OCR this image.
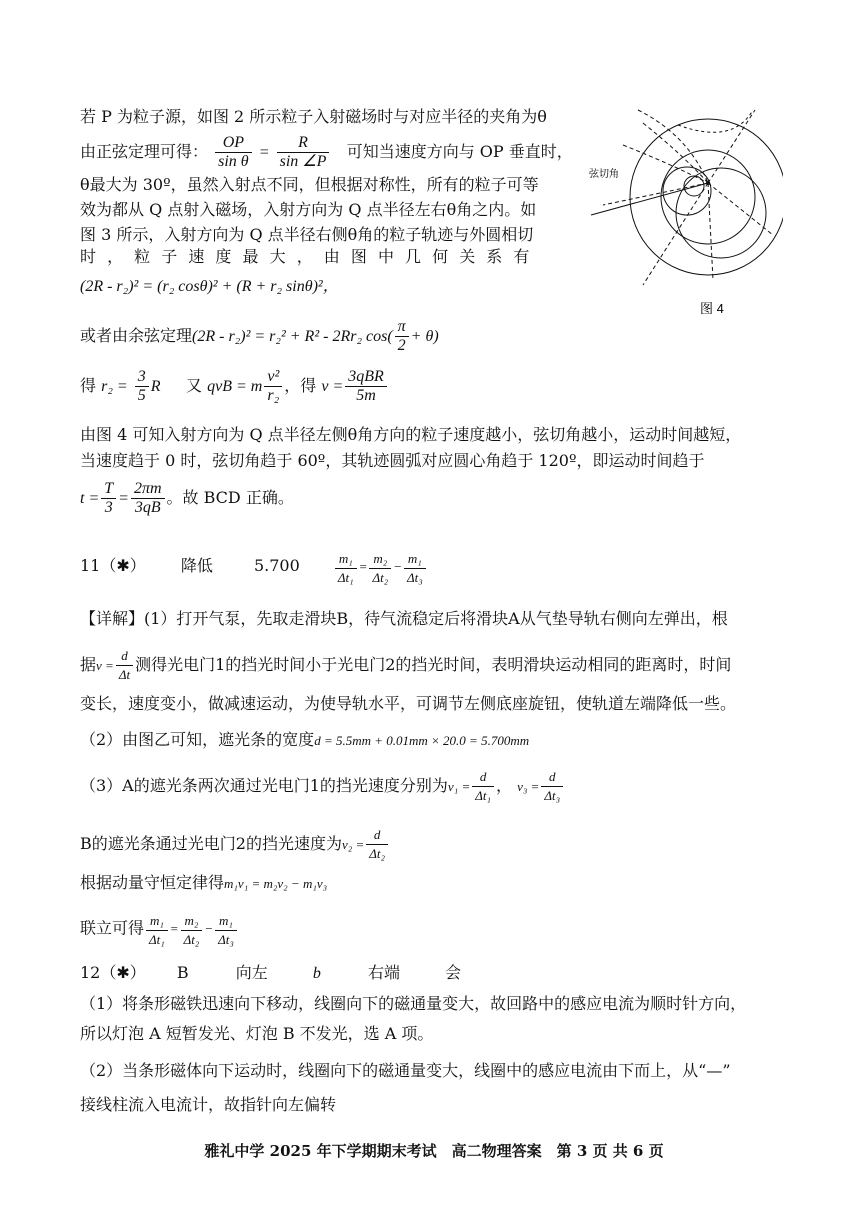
若 P 为粒子源，如图 2 所示粒子入射磁场时与对应半径的夹角为θ
由正弦定理可得： $\frac{OP}{\text{sin θ}} = \frac{R}{\sin \angle P}$ 可知当速度方向与 OP 垂直时，
θ最大为 30º，虽然入射点不同，但根据对称性，所有的粒子可等
效为都从 Q 点射入磁场，入射方向为 Q 点半径左右θ角之内。如
图 3 所示，入射方向为 Q 点半径右侧θ角的粒子轨迹与外圆相切
时 ， 粒 子 速 度 最 大 ， 由 图 中 几 何 关 系 有
(2R - r₂)² = (r₂ cosθ)² + (R + r₂ sinθ)²，
或者由余弦定理(2R - r₂)² = r₂² + R² - 2Rr₂ $\cos( \frac{\pi}{2} + \theta)$
得 $r_2 = \frac{3}{5}$ R 又 qvB = m $\frac{\text{v²}}{\text{r₂}}$ ，得 $v = \frac{\text{3qBR}}{5m}$
由图 4 可知入射方向为 Q 点半径左侧θ角方向的粒子速度越小，弦切角越小，运动时间越短，
当速度趋于 0 时，弦切角趋于 60º，其轨迹圆弧对应圆心角趋于 120º，即运动时间趋于
$t = \frac{T}{3} = \frac{2\pi m}{3qB}$ 。故 BCD 正确。
11（✱） 降低	5.700	$\frac{\text{m₁}}{\text{Δt₁}} = \frac{\text{m₂}}{\text{Δt₂}} - \frac{\text{m₁}}{\text{Δt₃}}$
【详解】(1）打开气泵，先取走滑块B，待气流稳定后将滑块A从气垫导轨右侧向左弹出，根
据$v = \frac{d}{\Delta t}$ 测得光电门1的挡光时间小于光电门2的挡光时间，表明滑块运动相同的距离时，时间
变长，速度变小，做减速运动，为使导轨水平，可调节左侧底座旋钮，使轨道左端降低一些。
（2）由图乙可知，遮光条的宽度d = 5.5mm + 0.01mm × 20.0 = 5.700mm
（3）A的遮光条两次通过光电门1的挡光速度分别为$v_1 = \frac{d}{\text{Δt₁}}$ ， $v_3 = \frac{d}{\text{Δt₃}}$
B的遮光条通过光电门2的挡光速度为$v_2 = \frac{d}{\text{Δt₂}}$
根据动量守恒定律得m₁v₁ = m₂v₂ − m₁v₃
联立可得 $\frac{\text{m₁}}{\text{Δt₁}} = \frac{\text{m₂}}{\text{Δt₂}} - \frac{\text{m₁}}{\text{Δt₃}}$
12（✱） B	向左	b	右端	会
（1）将条形磁铁迅速向下移动，线圈向下的磁通量变大，故回路中的感应电流为顺时针方向，
所以灯泡 A 短暂发光、灯泡 B 不发光，选 A 项。
（2）当条形磁体向下运动时，线圈向下的磁通量变大，线圈中的感应电流由下而上，从“—”
接线柱流入电流计，故指针向左偏转
弦切角
图 4
雅礼中学 2025 年下学期期末考试　高二物理答案　第 3 页 共 6 页
